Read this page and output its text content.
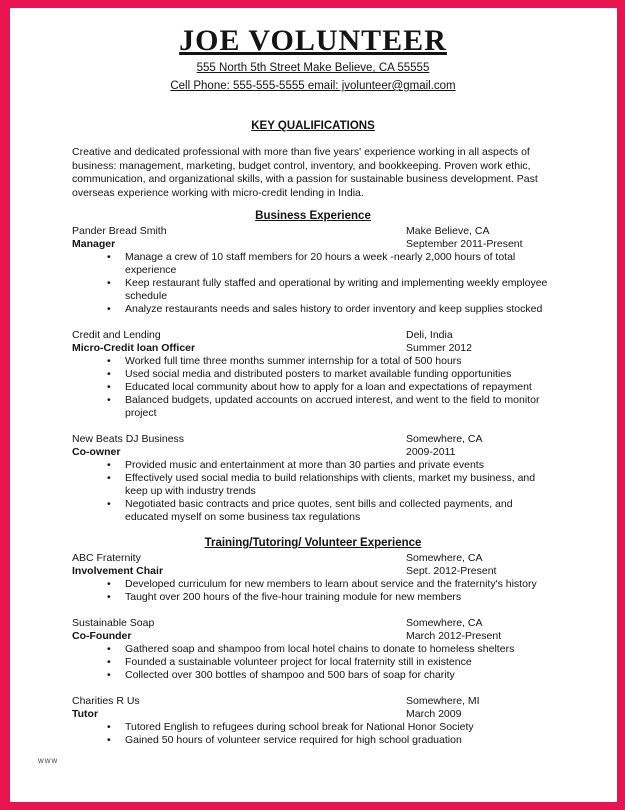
JOE VOLUNTEER
555 North 5th Street Make Believe, CA 55555
Cell Phone: 555-555-5555 email: jvolunteer@gmail.com
KEY QUALIFICATIONS

Creative and dedicated professional with more than five years' experience working in all aspects of business: management, marketing, budget control, inventory, and bookkeeping. Proven work ethic, communication, and organizational skills, with a passion for sustainable business development. Past overseas experience working with micro-credit lending in India.

Business Experience
Pander Bread Smith	Make Believe, CA
Manager	September 2011-Present
• Manage a crew of 10 staff members for 20 hours a week -nearly 2,000 hours of total experience
• Keep restaurant fully staffed and operational by writing and implementing weekly employee schedule
• Analyze restaurants needs and sales history to order inventory and keep supplies stocked
Credit and Lending	Deli, India
Micro-Credit loan Officer	Summer 2012
• Worked full time three months summer internship for a total of 500 hours
• Used social media and distributed posters to market available funding opportunities
• Educated local community about how to apply for a loan and expectations of repayment
• Balanced budgets, updated accounts on accrued interest, and went to the field to monitor project
New Beats DJ Business	Somewhere, CA
Co-owner	2009-2011
• Provided music and entertainment at more than 30 parties and private events
• Effectively used social media to build relationships with clients, market my business, and keep up with industry trends
• Negotiated basic contracts and price quotes, sent bills and collected payments, and educated myself on some business tax regulations
Training/Tutoring/ Volunteer Experience
ABC Fraternity	Somewhere, CA
Involvement Chair	Sept. 2012-Present
• Developed curriculum for new members to learn about service and the fraternity's history
• Taught over 200 hours of the five-hour training module for new members
Sustainable Soap	Somewhere, CA
Co-Founder	March 2012-Present
• Gathered soap and shampoo from local hotel chains to donate to homeless shelters
• Founded a sustainable volunteer project for local fraternity still in existence
• Collected over 300 bottles of shampoo and 500 bars of soap for charity
Charities R Us	Somewhere, MI
Tutor	March 2009
• Tutored English to refugees during school break for National Honor Society
• Gained 50 hours of volunteer service required for high school graduation
www
